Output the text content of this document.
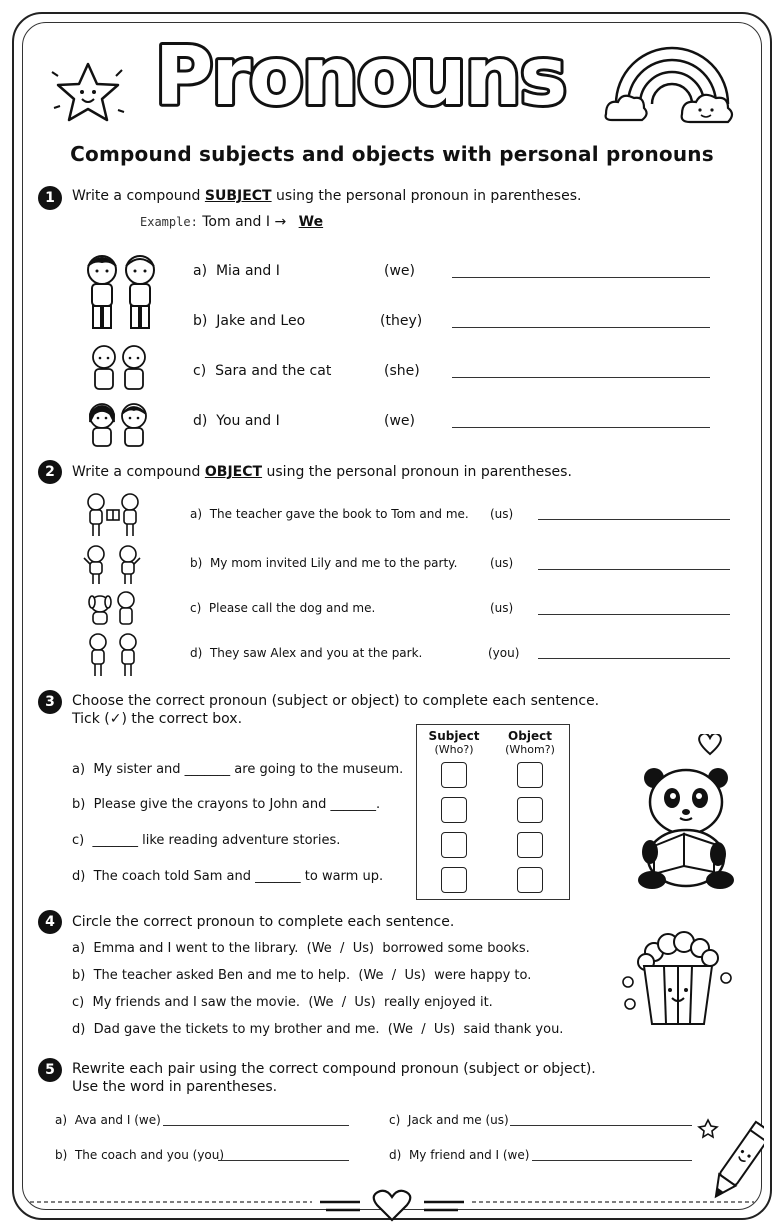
Pronouns
Compound subjects and objects with personal pronouns
1	Write a compound SUBJECT using the personal pronoun in parentheses.
Example: Tom and I → We
a) Mia and I	(we)
b) Jake and Leo	(they)
c) Sara and the cat	(she)
d) You and I	(we)
2	Write a compound OBJECT using the personal pronoun in parentheses.
a) The teacher gave the book to Tom and me. (us)
b) My mom invited Lily and me to the party.	(us)
c) Please call the dog and me.	(us)
d) They saw Alex and you at the park.	(you)
3	Choose the correct pronoun (subject or object) to complete each sentence.
Tick (✓) the correct box.
Subject
(Who?)
Object
(Whom?)
a) My sister and _______ are going to the museum.
b) Please give the crayons to John and _______.
c) _______ like reading adventure stories.
d) The coach told Sam and _______ to warm up.
4	Circle the correct pronoun to complete each sentence.
a) Emma and I went to the library.  (We  /  Us)  borrowed some books.
b) The teacher asked Ben and me to help.  (We  /  Us)  were happy to.
c) My friends and I saw the movie.  (We  /  Us)  really enjoyed it.
d) Dad gave the tickets to my brother and me.  (We  /  Us)  said thank you.
5	Rewrite each pair using the correct compound pronoun (subject or object).
Use the word in parentheses.
a) Ava and I (we)
b) The coach and you (you)
c) Jack and me (us)
d) My friend and I (we)
